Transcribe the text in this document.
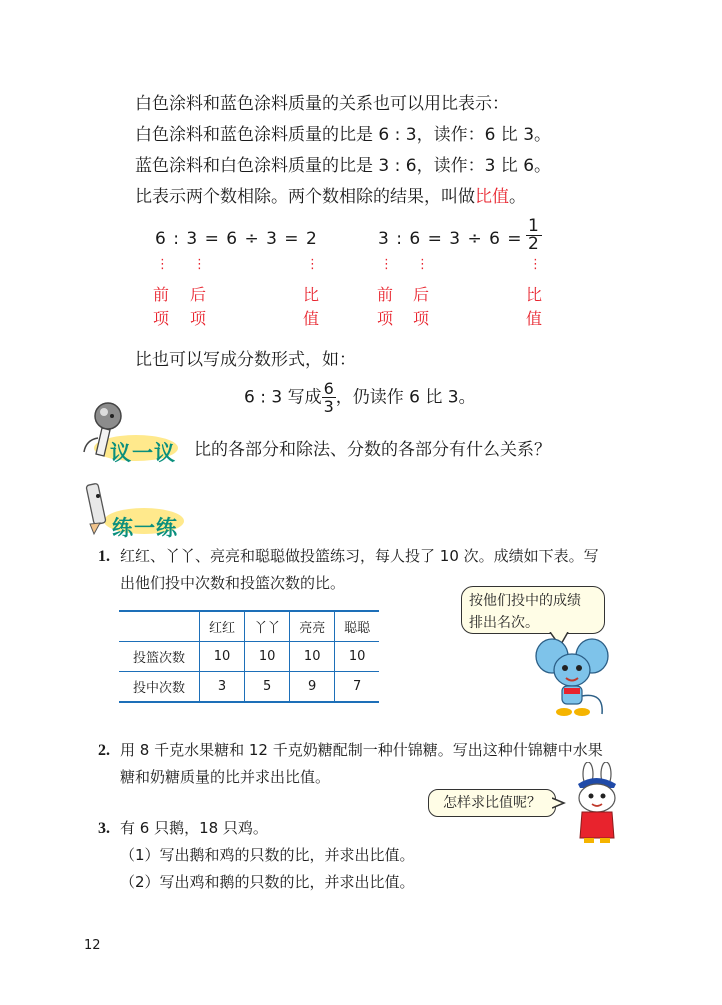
白色涂料和蓝色涂料质量的关系也可以用比表示：
白色涂料和蓝色涂料质量的比是 6 : 3，读作：6 比 3。
蓝色涂料和白色涂料质量的比是 3 : 6，读作：3 比 6。
比表示两个数相除。两个数相除的结果，叫做比值。
6 : 3 = 6 ÷ 3 = 2	3 : $6 = 3 \div 6 = \frac{1}{2}$
⋮ ⋮	⋮	⋮ ⋮	⋮
前
项
后
项
比
值
前
项
后
项
比
值
比也可以写成分数形式，如：
6 : 3 写成 $\frac{6}{3}$ ，仍读作 6 比 3。
议一议 比的各部分和除法、分数的各部分有什么关系？
练一练
1. 红红、丫丫、亮亮和聪聪做投篮练习，每人投了 10 次。成绩如下表。写
出他们投中次数和投篮次数的比。
	红红	丫丫	亮亮	聪聪
投篮次数	10	10	10	10
投中次数	3	5	9	7
按他们投中的成绩
排出名次。
2. 用 8 千克水果糖和 12 千克奶糖配制一种什锦糖。写出这种什锦糖中水果
糖和奶糖质量的比并求出比值。
怎样求比值呢？
3. 有 6 只鹅，18 只鸡。
（1）写出鹅和鸡的只数的比，并求出比值。
（2）写出鸡和鹅的只数的比，并求出比值。
12
